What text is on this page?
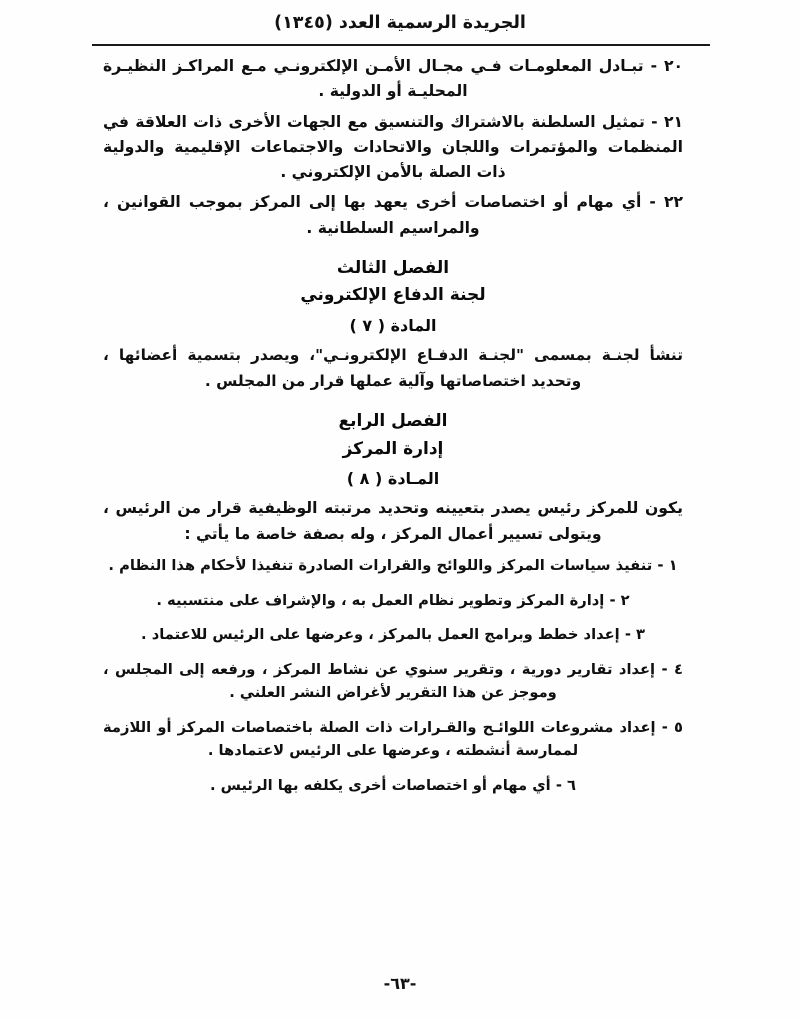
الجريدة الرسمية العدد (١٣٤٥)

٢٠ - تبـادل المعلومـات فـي مجـال الأمـن الإلكترونـي مـع المراكـز النظيـرة المحليـة أو الدولية .

٢١ - تمثيل السلطنة بالاشتراك والتنسيق مع الجهات الأخرى ذات العلاقة في المنظمات والمؤتمرات واللجان والاتحادات والاجتماعات الإقليمية والدولية ذات الصلة بالأمن الإلكتروني .

٢٢ - أي مهام أو اختصاصات أخرى يعهد بها إلى المركز بموجب القوانين ، والمراسيم السلطانية .

الفصل الثالث

لجنة الدفاع الإلكتروني

المادة ( ٧ )

تنشأ لجنـة بمسمى "لجنـة الدفـاع الإلكترونـي"، ويصدر بتسمية أعضائها ، وتحديد اختصاصاتها وآلية عملها قرار من المجلس .

الفصل الرابع

إدارة المركز

المـادة ( ٨ )

يكون للمركز رئيس يصدر بتعيينه وتحديد مرتبته الوظيفية قرار من الرئيس ، ويتولى تسيير أعمال المركز ، وله بصفة خاصة ما يأتي :

١ - تنفيذ سياسات المركز واللوائح والقرارات الصادرة تنفيذا لأحكام هذا النظام .
٢ - إدارة المركز وتطوير نظام العمل به ، والإشراف على منتسبيه .
٣ - إعداد خطط وبرامج العمل بالمركز ، وعرضها على الرئيس للاعتماد .
٤ - إعداد تقارير دورية ، وتقرير سنوي عن نشاط المركز ، ورفعه إلى المجلس ، وموجز عن هذا التقرير لأغراض النشر العلني .
٥ - إعداد مشروعات اللوائـح والقـرارات ذات الصلة باختصاصات المركز أو اللازمة لممارسة أنشطته ، وعرضها على الرئيس لاعتمادها .
٦ - أي مهام أو اختصاصات أخرى يكلفه بها الرئيس .
-٦٣-
